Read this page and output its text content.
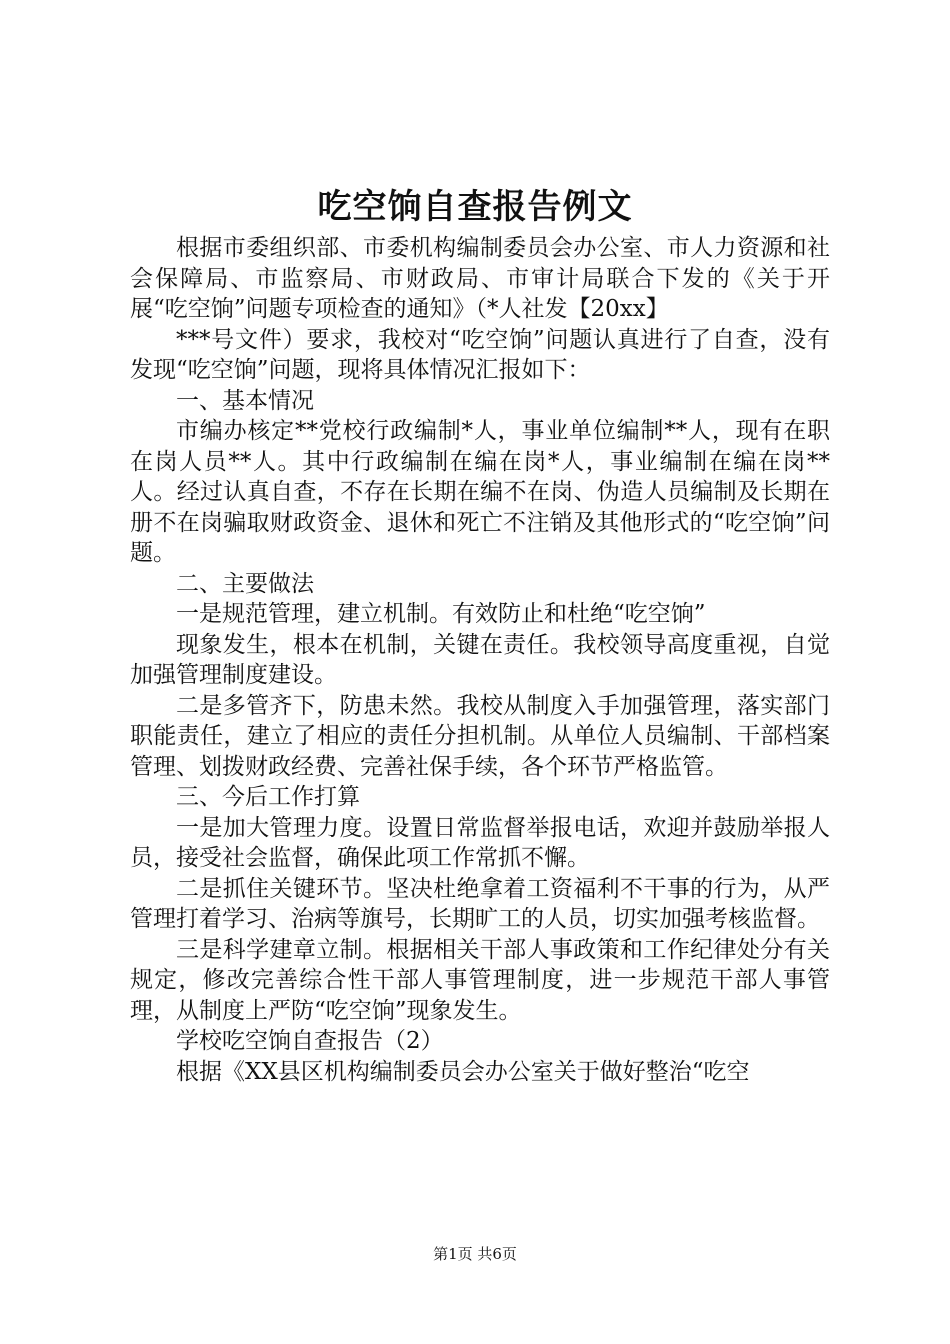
吃空饷自查报告例文

根据市委组织部、市委机构编制委员会办公室、市人力资源和社会保障局、市监察局、市财政局、市审计局联合下发的《关于开展“吃空饷”问题专项检查的通知》（*人社发【20xx】

***号文件）要求，我校对“吃空饷”问题认真进行了自查，没有发现“吃空饷”问题，现将具体情况汇报如下：

一、基本情况

市编办核定**党校行政编制*人，事业单位编制**人，现有在职在岗人员**人。其中行政编制在编在岗*人，事业编制在编在岗**人。经过认真自查，不存在长期在编不在岗、伪造人员编制及长期在册不在岗骗取财政资金、退休和死亡不注销及其他形式的“吃空饷”问题。

二、主要做法

一是规范管理，建立机制。有效防止和杜绝“吃空饷”

现象发生，根本在机制，关键在责任。我校领导高度重视，自觉加强管理制度建设。

二是多管齐下，防患未然。我校从制度入手加强管理，落实部门职能责任，建立了相应的责任分担机制。从单位人员编制、干部档案管理、划拨财政经费、完善社保手续，各个环节严格监管。

三、今后工作打算

一是加大管理力度。设置日常监督举报电话，欢迎并鼓励举报人员，接受社会监督，确保此项工作常抓不懈。

二是抓住关键环节。坚决杜绝拿着工资福利不干事的行为，从严管理打着学习、治病等旗号，长期旷工的人员，切实加强考核监督。

三是科学建章立制。根据相关干部人事政策和工作纪律处分有关规定，修改完善综合性干部人事管理制度，进一步规范干部人事管理，从制度上严防“吃空饷”现象发生。

学校吃空饷自查报告（2）

根据《XX县区机构编制委员会办公室关于做好整治“吃空

第1页 共6页
